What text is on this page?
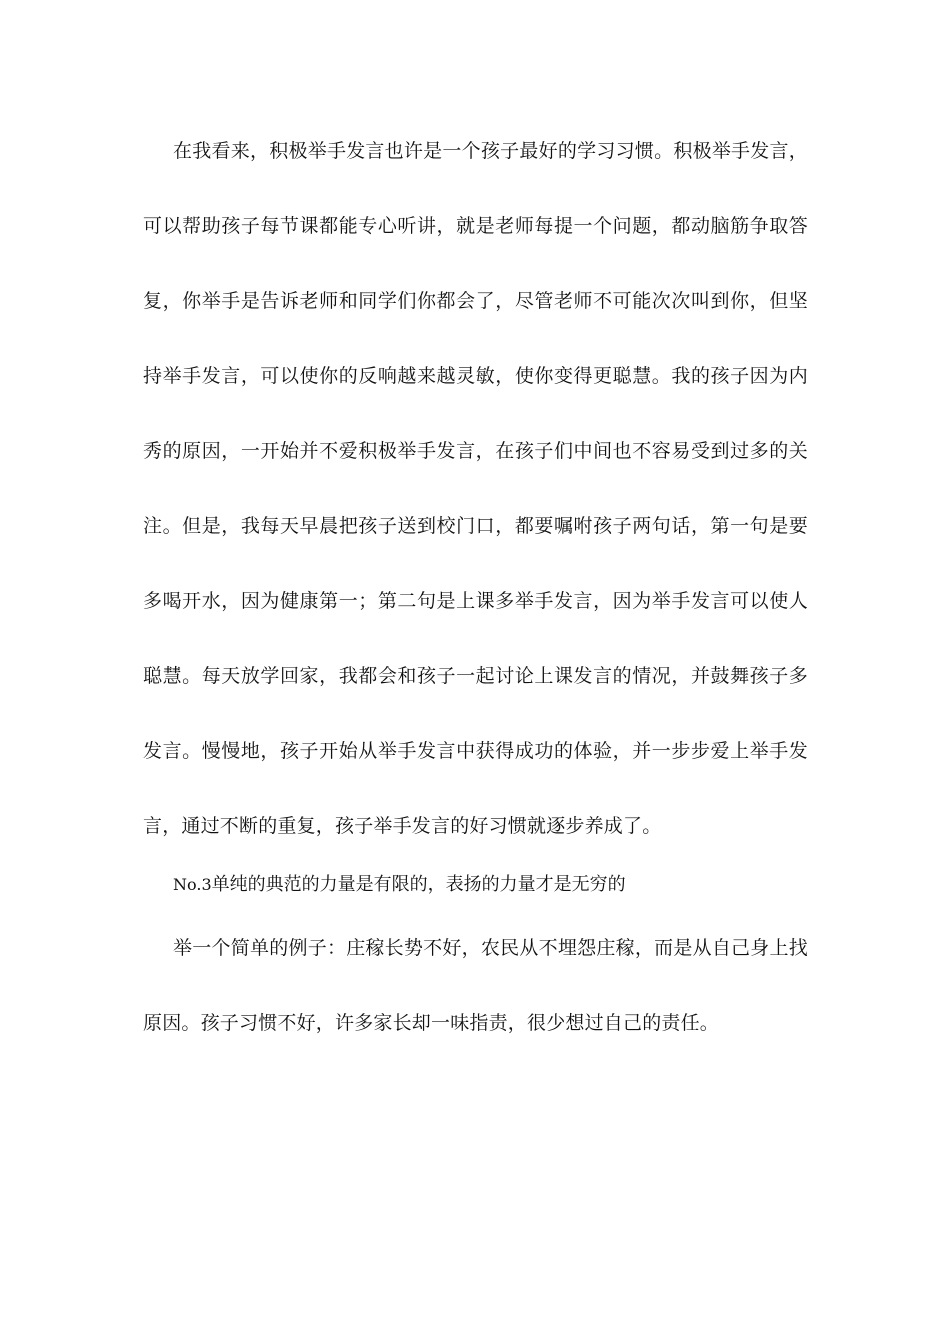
在我看来，积极举手发言也许是一个孩子最好的学习习惯。积极举手发言，可以帮助孩子每节课都能专心听讲，就是老师每提一个问题，都动脑筋争取答复，你举手是告诉老师和同学们你都会了，尽管老师不可能次次叫到你，但坚持举手发言，可以使你的反响越来越灵敏，使你变得更聪慧。我的孩子因为内秀的原因，一开始并不爱积极举手发言，在孩子们中间也不容易受到过多的关注。但是，我每天早晨把孩子送到校门口，都要嘱咐孩子两句话，第一句是要多喝开水，因为健康第一；第二句是上课多举手发言，因为举手发言可以使人聪慧。每天放学回家，我都会和孩子一起讨论上课发言的情况，并鼓舞孩子多发言。慢慢地，孩子开始从举手发言中获得成功的体验，并一步步爱上举手发言，通过不断的重复，孩子举手发言的好习惯就逐步养成了。

No.3单纯的典范的力量是有限的，表扬的力量才是无穷的

举一个简单的例子：庄稼长势不好，农民从不埋怨庄稼，而是从自己身上找原因。孩子习惯不好，许多家长却一味指责，很少想过自己的责任。
